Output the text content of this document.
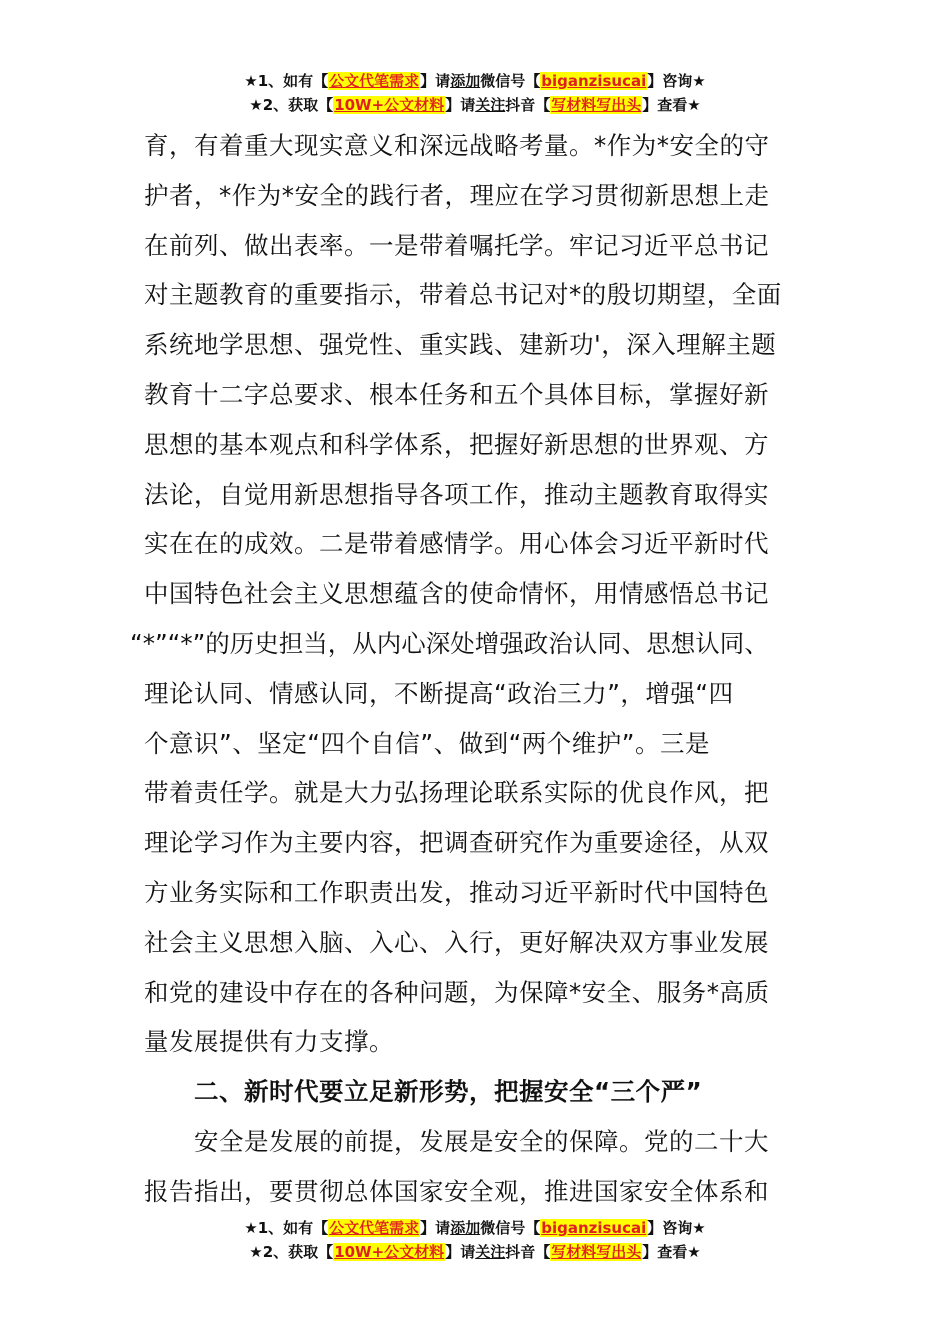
★1、如有【公文代笔需求】请添加微信号【biganzisucai】咨询★
★2、获取【10W+公文材料】请关注抖音【写材料写出头】查看★
育，有着重大现实意义和深远战略考量。*作为*安全的守
护者，*作为*安全的践行者，理应在学习贯彻新思想上走
在前列、做出表率。一是带着嘱托学。牢记习近平总书记
对主题教育的重要指示，带着总书记对*的殷切期望，全面
系统地学思想、强党性、重实践、建新功'，深入理解主题
教育十二字总要求、根本任务和五个具体目标，掌握好新
思想的基本观点和科学体系，把握好新思想的世界观、方
法论，自觉用新思想指导各项工作，推动主题教育取得实
实在在的成效。二是带着感情学。用心体会习近平新时代
中国特色社会主义思想蕴含的使命情怀，用情感悟总书记
“*”“*”的历史担当，从内心深处增强政治认同、思想认同、
理论认同、情感认同，不断提高“政治三力”，增强“四
个意识”、坚定“四个自信”、做到“两个维护”。三是
带着责任学。就是大力弘扬理论联系实际的优良作风，把
理论学习作为主要内容，把调查研究作为重要途径，从双
方业务实际和工作职责出发，推动习近平新时代中国特色
社会主义思想入脑、入心、入行，更好解决双方事业发展
和党的建设中存在的各种问题，为保障*安全、服务*高质
量发展提供有力支撑。
二、新时代要立足新形势，把握安全“三个严”
安全是发展的前提，发展是安全的保障。党的二十大
报告指出，要贯彻总体国家安全观，推进国家安全体系和
★1、如有【公文代笔需求】请添加微信号【biganzisucai】咨询★
★2、获取【10W+公文材料】请关注抖音【写材料写出头】查看★
